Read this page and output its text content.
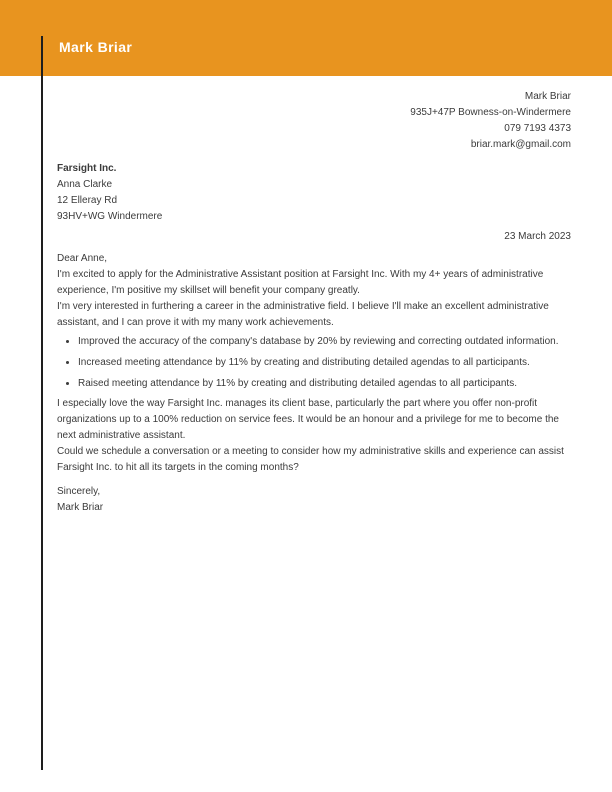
Mark Briar
Mark Briar
935J+47P Bowness-on-Windermere
079 7193 4373
briar.mark@gmail.com
Farsight Inc.
Anna Clarke
12 Elleray Rd
93HV+WG Windermere
23 March 2023
Dear Anne,

I'm excited to apply for the Administrative Assistant position at Farsight Inc. With my 4+ years of administrative experience, I'm positive my skillset will benefit your company greatly.

I'm very interested in furthering a career in the administrative field. I believe I'll make an excellent administrative assistant, and I can prove it with my many work achievements.

• Improved the accuracy of the company's database by 20% by reviewing and correcting outdated information.
• Increased meeting attendance by 11% by creating and distributing detailed agendas to all participants.
• Raised meeting attendance by 11% by creating and distributing detailed agendas to all participants.

I especially love the way Farsight Inc. manages its client base, particularly the part where you offer non-profit organizations up to a 100% reduction on service fees. It would be an honour and a privilege for me to become the next administrative assistant.

Could we schedule a conversation or a meeting to consider how my administrative skills and experience can assist Farsight Inc. to hit all its targets in the coming months?

Sincerely,
Mark Briar
